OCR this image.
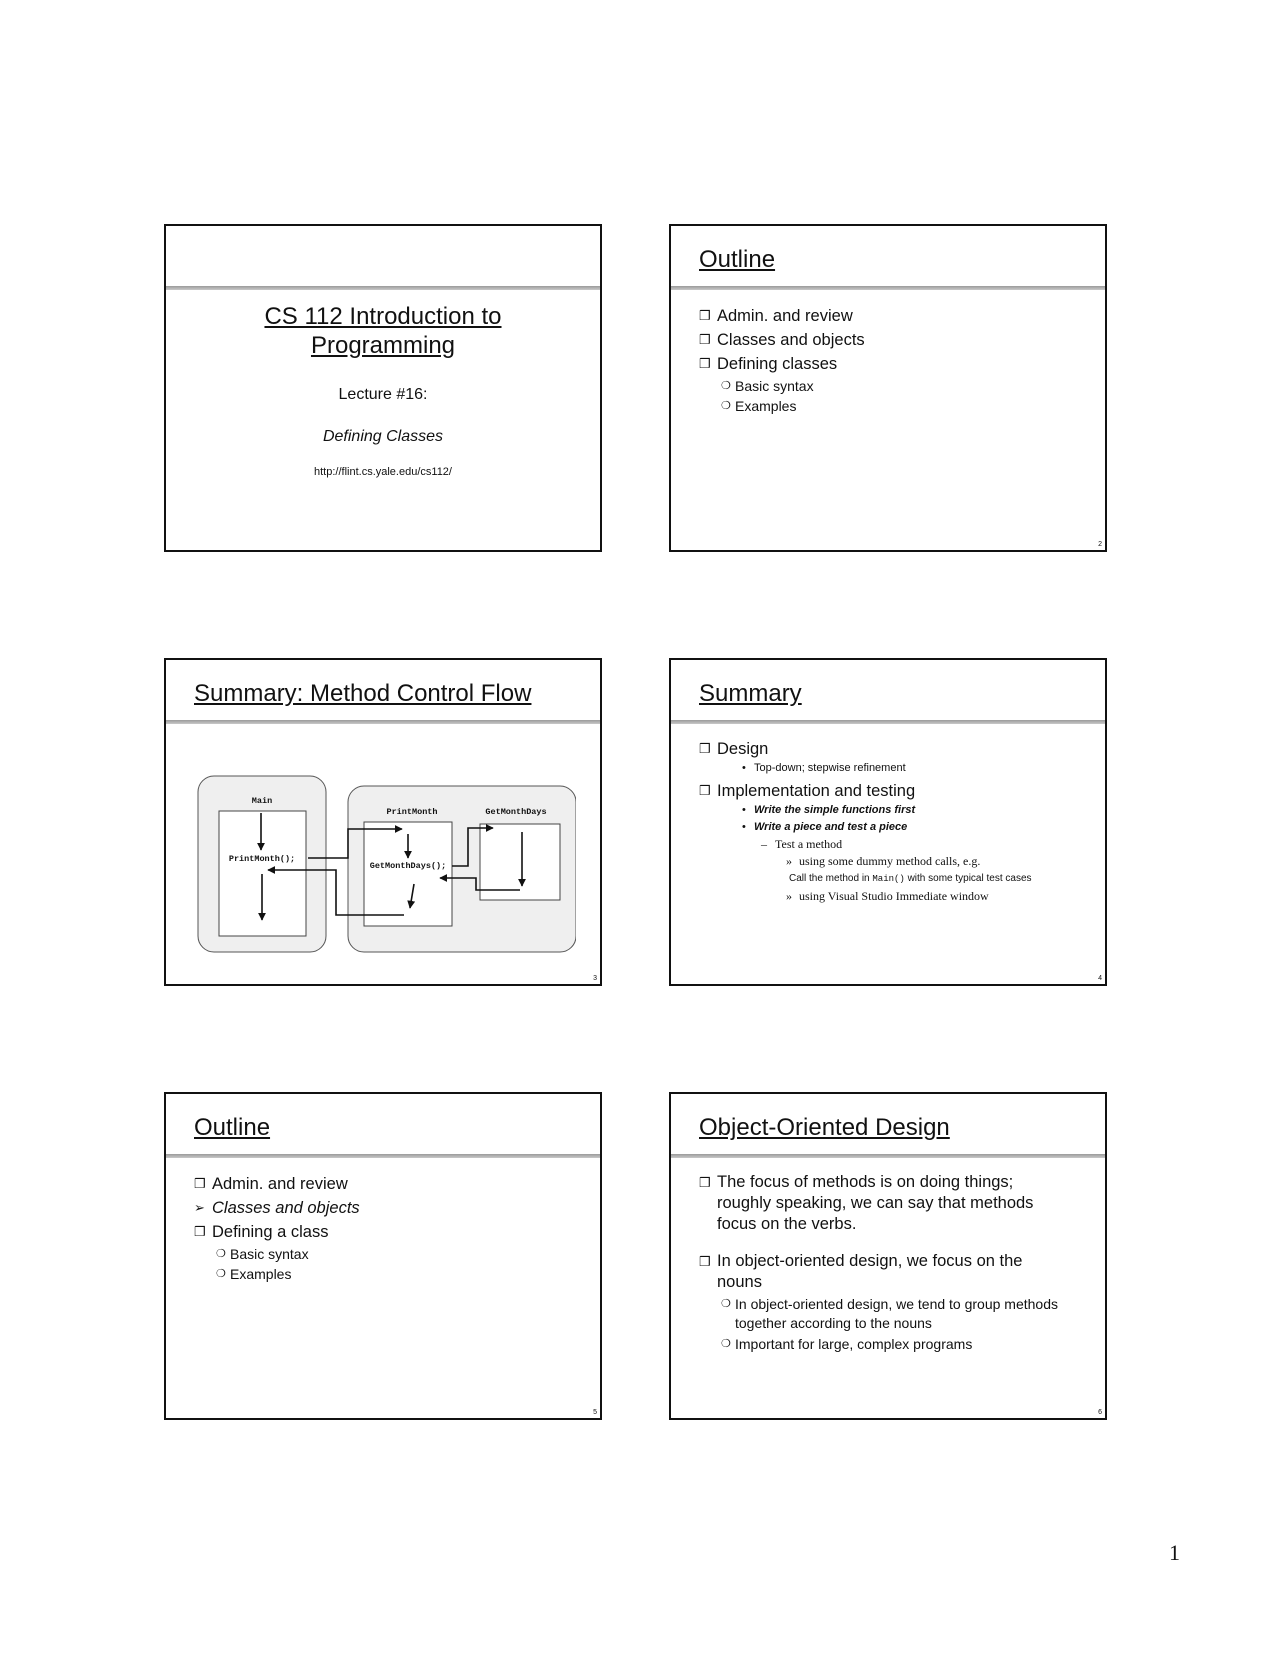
CS 112 Introduction to
Programming
Lecture #16:
Defining Classes
http://flint.cs.yale.edu/cs112/
Outline
❒ Admin. and review
❒ Classes and objects
❒ Defining classes
❍ Basic syntax
❍ Examples
2
Summary: Method Control Flow
Main
PrintMonth();
PrintMonth	GetMonthDays
GetMonthDays();
3
Summary
❒ Design
• Top-down; stepwise refinement
❒ Implementation and testing
• Write the simple functions first
• Write a piece and test a piece
– Test a method
» using some dummy method calls, e.g.
Call the method in Main() with some typical test cases
» using Visual Studio Immediate window
4
Outline
❒ Admin. and review
➢ Classes and objects
❒ Defining a class
❍ Basic syntax
❍ Examples
5
Object-Oriented Design
❒ The focus of methods is on doing things; roughly speaking, we can say that methods focus on the verbs.
❒ In object-oriented design, we focus on the nouns
❍ In object-oriented design, we tend to group methods together according to the nouns
❍ Important for large, complex programs
6
1
